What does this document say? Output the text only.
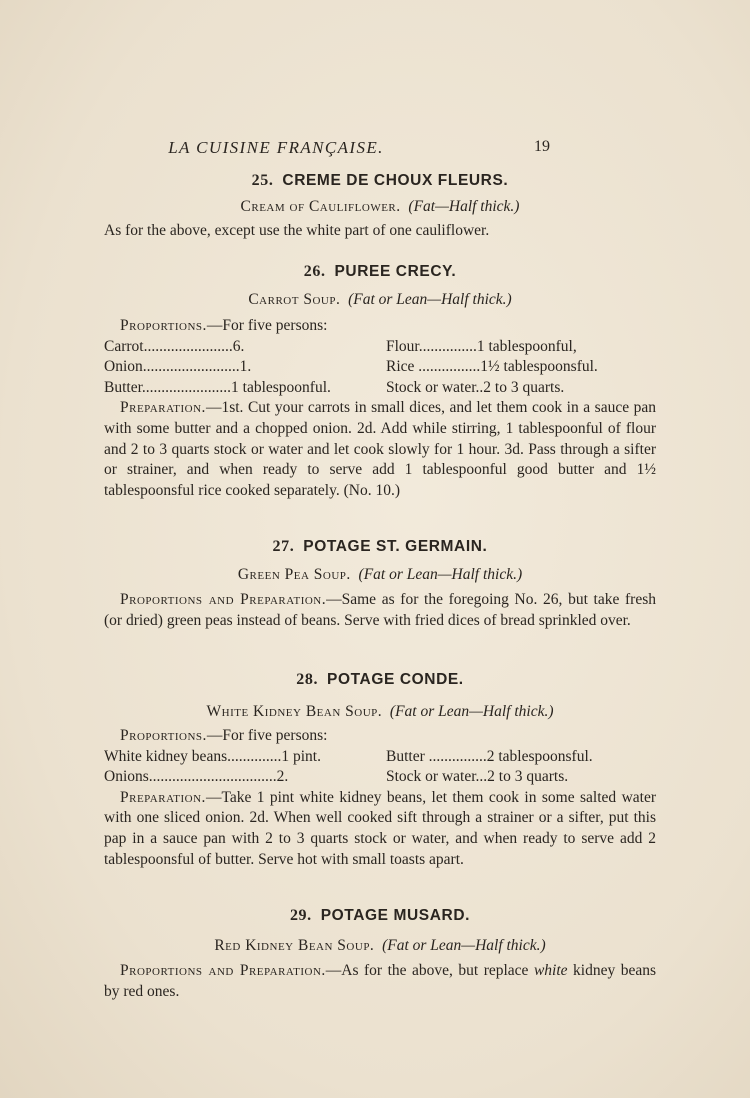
LA CUISINE FRANÇAISE.	19
25. CREME DE CHOUX FLEURS.
Cream of Cauliflower. (Fat—Half thick.)

As for the above, except use the white part of one cauliflower.

26. PUREE CRECY.
Carrot Soup. (Fat or Lean—Half thick.)
Proportions.—For five persons:
Carrot.......................6.	Flour...............1 tablespoonful,
Onion.........................1.	Rice ................1½ tablespoonsful.
Butter.......................1 tablespoonful.	Stock or water..2 to 3 quarts.

Preparation.—1st. Cut your carrots in small dices, and let them cook in a sauce pan with some butter and a chopped onion. 2d. Add while stirring, 1 tablespoonful of flour and 2 to 3 quarts stock or water and let cook slowly for 1 hour. 3d. Pass through a sifter or strainer, and when ready to serve add 1 tablespoonful good butter and 1½ tablespoonsful rice cooked separately. (No. 10.)

27. POTAGE ST. GERMAIN.
Green Pea Soup. (Fat or Lean—Half thick.)

Proportions and Preparation.—Same as for the foregoing No. 26, but take fresh (or dried) green peas instead of beans. Serve with fried dices of bread sprinkled over.

28. POTAGE CONDE.
White Kidney Bean Soup. (Fat or Lean—Half thick.)
Proportions.—For five persons:
White kidney beans..............1 pint.	Butter ...............2 tablespoonsful.
Onions.................................2.	Stock or water...2 to 3 quarts.

Preparation.—Take 1 pint white kidney beans, let them cook in some salted water with one sliced onion. 2d. When well cooked sift through a strainer or a sifter, put this pap in a sauce pan with 2 to 3 quarts stock or water, and when ready to serve add 2 tablespoonsful of butter. Serve hot with small toasts apart.

29. POTAGE MUSARD.
Red Kidney Bean Soup. (Fat or Lean—Half thick.)

Proportions and Preparation.—As for the above, but replace white kidney beans by red ones.
